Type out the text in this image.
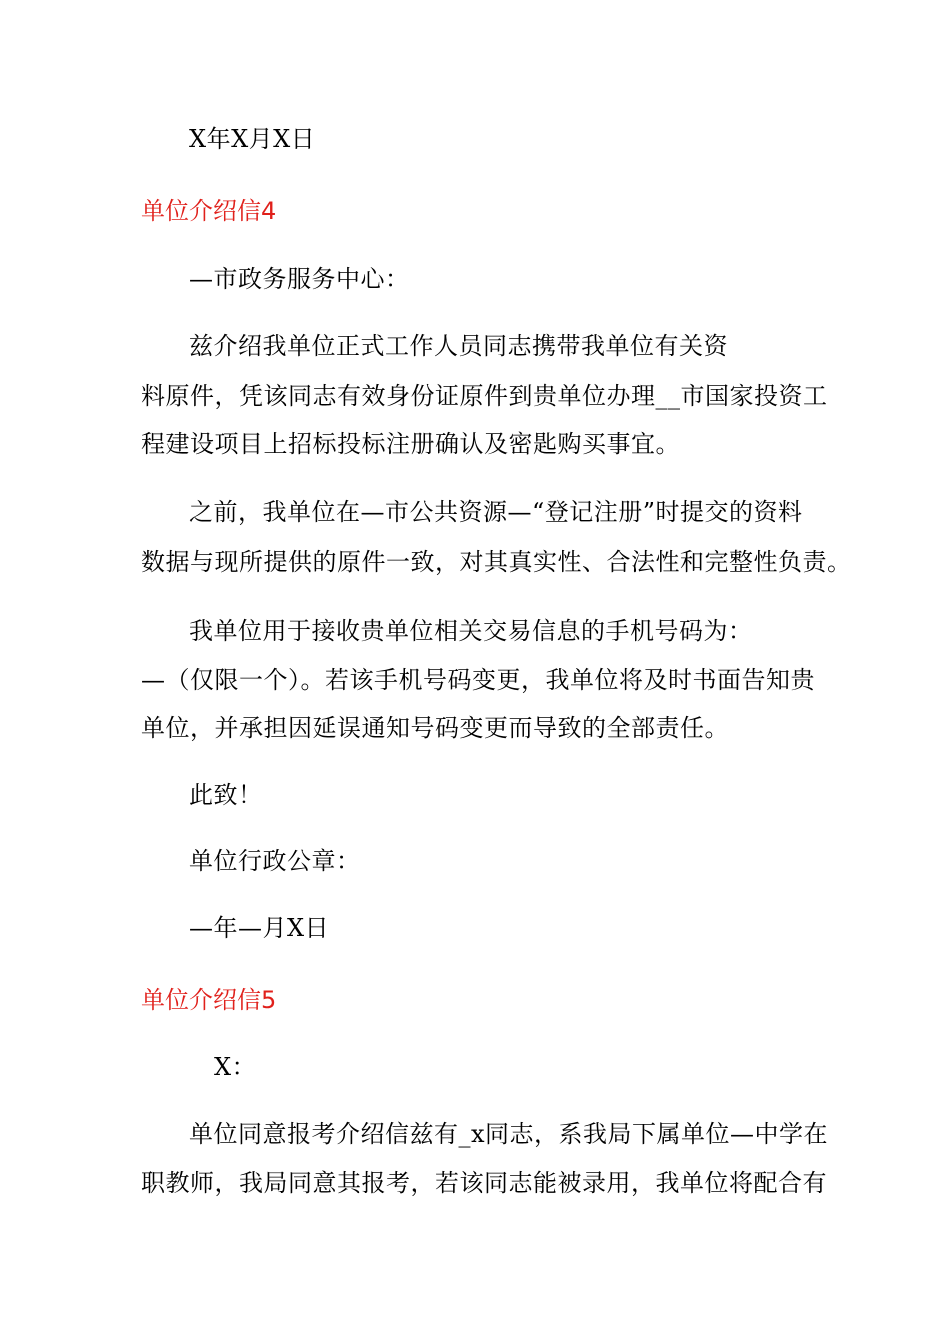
X年X月X日
单位介绍信4
—市政务服务中心：
兹介绍我单位正式工作人员同志携带我单位有关资
料原件，凭该同志有效身份证原件到贵单位办理__市国家投资工
程建设项目上招标投标注册确认及密匙购买事宜。
之前，我单位在—市公共资源—“登记注册”时提交的资料
数据与现所提供的原件一致，对其真实性、合法性和完整性负责。
我单位用于接收贵单位相关交易信息的手机号码为：
—（仅限一个）。若该手机号码变更，我单位将及时书面告知贵
单位，并承担因延误通知号码变更而导致的全部责任。
此致！
单位行政公章：
—年—月X日
单位介绍信5
X：
单位同意报考介绍信兹有_x同志，系我局下属单位—中学在
职教师，我局同意其报考，若该同志能被录用，我单位将配合有
